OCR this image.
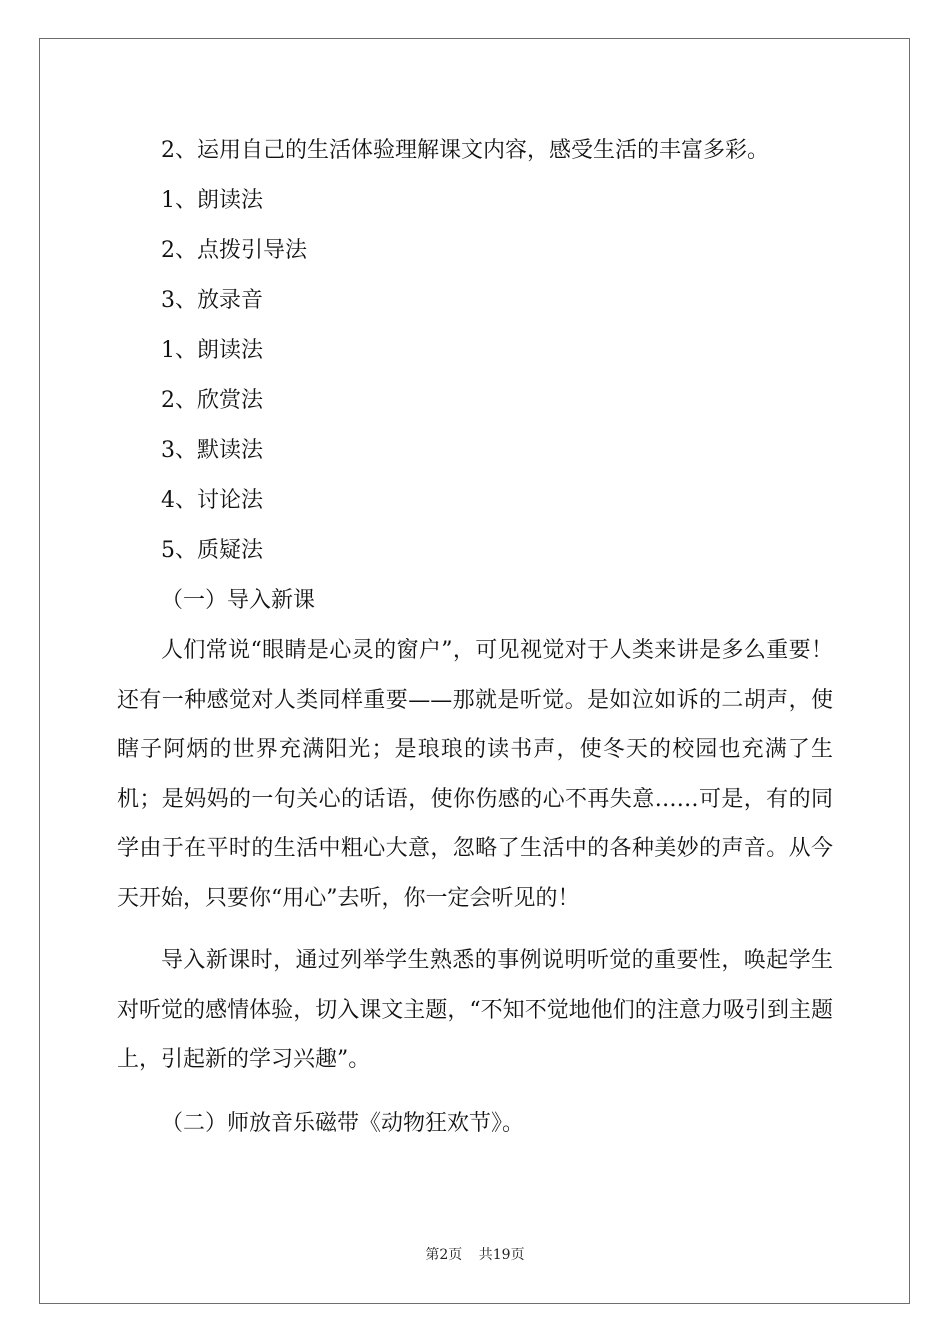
2、运用自己的生活体验理解课文内容，感受生活的丰富多彩。

1、朗读法

2、点拨引导法

3、放录音

1、朗读法

2、欣赏法

3、默读法

4、讨论法

5、质疑法

（一）导入新课

人们常说“眼睛是心灵的窗户”，可见视觉对于人类来讲是多么重要！还有一种感觉对人类同样重要——那就是听觉。是如泣如诉的二胡声，使瞎子阿炳的世界充满阳光；是琅琅的读书声，使冬天的校园也充满了生机；是妈妈的一句关心的话语，使你伤感的心不再失意……可是，有的同学由于在平时的生活中粗心大意，忽略了生活中的各种美妙的声音。从今天开始，只要你“用心”去听，你一定会听见的！

导入新课时，通过列举学生熟悉的事例说明听觉的重要性，唤起学生对听觉的感情体验，切入课文主题，“不知不觉地他们的注意力吸引到主题上，引起新的学习兴趣”。

（二）师放音乐磁带《动物狂欢节》。

第2页 共19页
